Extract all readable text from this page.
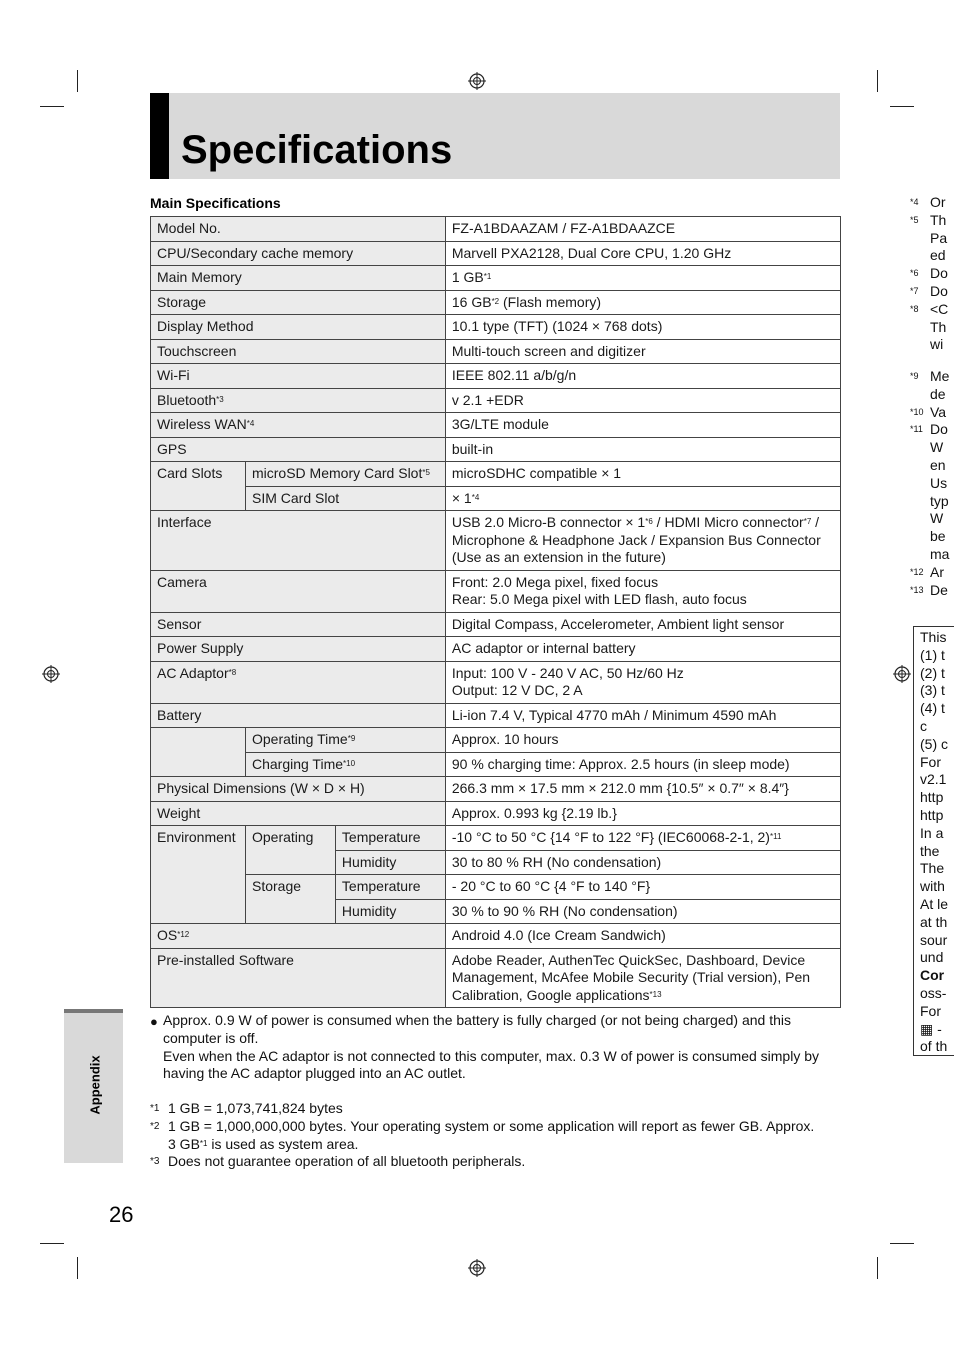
Specifications
Main Specifications
Model No.			FZ-A1BDAAZAM / FZ-A1BDAAZCE
CPU/Secondary cache memory			Marvell PXA2128, Dual Core CPU, 1.20 GHz
Main Memory			1 GB$^{*1}$
Storage			16 GB$^{*2}$ (Flash memory)
Display Method			10.1 type (TFT) (1024 × 768 dots)
Touchscreen			Multi-touch screen and digitizer
Wi-Fi			IEEE 802.11 a/b/g/n
Bluetooth$^{*3}$			v 2.1 +EDR
Wireless WAN$^{*4}$			3G/LTE module
GPS			built-in
Card Slots	microSD Memory Card Slot$^{*5}$		microSDHC compatible × 1
	SIM Card Slot		× $1^{*4}$
Interface			USB 2.0 Micro-B connector × $1^{*6}$ / HDMI Micro connector$^{*7}$ / Microphone & Headphone Jack / Expansion Bus Connector (Use as an extension in the future)
Camera			Front: 2.0 Mega pixel, fixed focus
Rear: 5.0 Mega pixel with LED flash, auto focus

Sensor			Digital Compass, Accelerometer, Ambient light sensor
Power Supply			AC adaptor or internal battery
AC Adaptor$^{*8}$			Input: 100 V - 240 V AC, 50 Hz/60 Hz
Output: 12 V DC, 2 A

Battery			Li-ion 7.4 V, Typical 4770 mAh / Minimum 4590 mAh
	Operating Time$^{*9}$		Approx. 10 hours
	Charging Time$^{*10}$		90 % charging time: Approx. 2.5 hours (in sleep mode)
Physical Dimensions (W × D × H)			266.3 mm × 17.5 mm × 212.0 mm {10.5″ × 0.7″ × 8.4″}
Weight			Approx. 0.993 kg {2.19 lb.}
Environment	Operating	Temperature	-10 °C to 50 °C {14 °F to 122 °F} (IEC60068-2-1, 2)$^{*11}$
		Humidity	30 to 80 % RH (No condensation)
	Storage	Temperature	- 20 °C to 60 °C {4 °F to 140 °F}
		Humidity	30 % to 90 % RH (No condensation)
OS$^{*12}$			Android 4.0 (Ice Cream Sandwich)
Pre-installed Software			Adobe Reader, AuthenTec QuickSec, Dashboard, Device Management, McAfee Mobile Security (Trial version), Pen Calibration, Google applications$^{*13}$
● Approx. 0.9 W of power is consumed when the battery is fully charged (or not being charged) and this computer is off.
Even when the AC adaptor is not connected to this computer, max. 0.3 W of power is consumed simply by having the AC adaptor plugged into an AC outlet.
*1 1 GB = 1,073,741,824 bytes
*2 1 GB = 1,000,000,000 bytes. Your operating system or some application will report as fewer GB. Approx.
3 GB$^{*1}$ is used as system area.
*3 Does not guarantee operation of all bluetooth peripherals.
Appendix
26
*4 Or
*5 Th
Pa
ed
*6 Do
*7 Do
*8 <C
Th
wi
*9 Me
de
*10 Va
*11 Do
W
en
Us
typ
W
be
ma
*12 Ar
*13 De
This
(1) t
(2) t
(3) t
(4) t
c
(5) c
For
v2.1
http
http
In a
the
The
with
At le
at th
sour
und
Cor
oss-
For
▦ -
of th
